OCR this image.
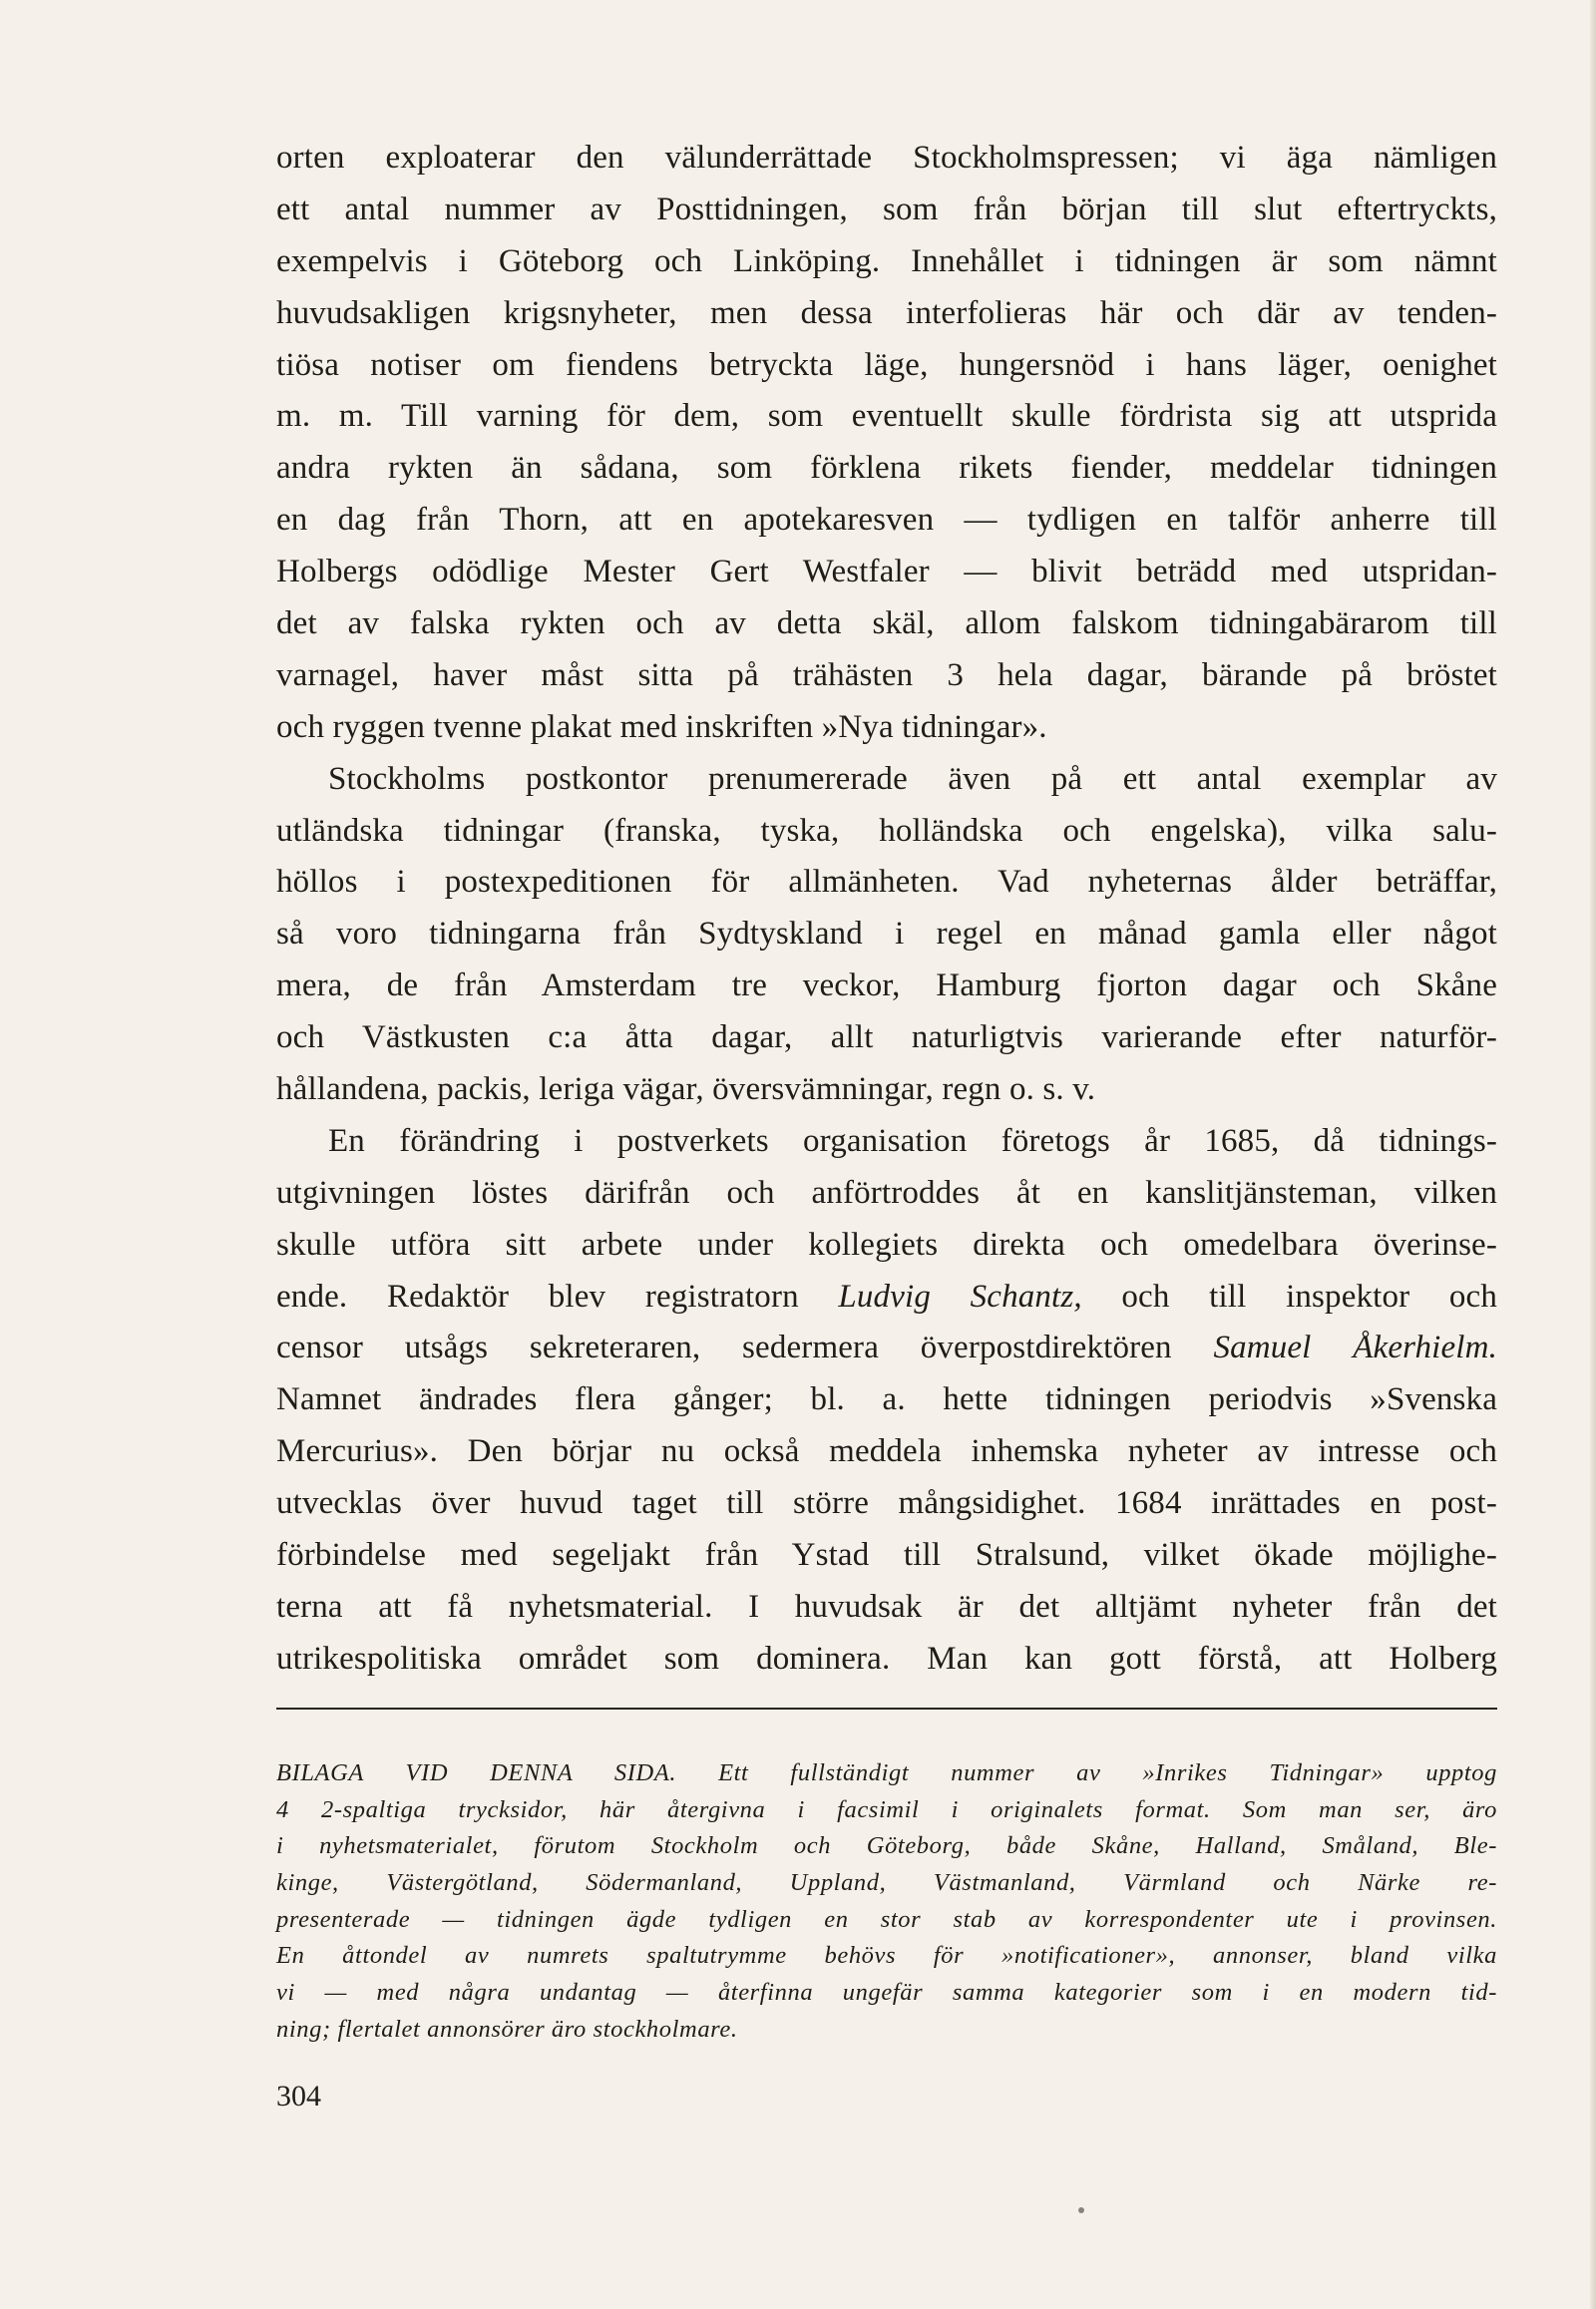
orten exploaterar den välunderrättade Stockholmspressen; vi äga nämligen
ett antal nummer av Posttidningen, som från början till slut eftertryckts,
exempelvis i Göteborg och Linköping. Innehållet i tidningen är som nämnt
huvudsakligen krigsnyheter, men dessa interfolieras här och där av tenden-
tiösa notiser om fiendens betryckta läge, hungersnöd i hans läger, oenighet
m. m. Till varning för dem, som eventuellt skulle fördrista sig att utsprida
andra rykten än sådana, som förklena rikets fiender, meddelar tidningen
en dag från Thorn, att en apotekaresven — tydligen en talför anherre till
Holbergs odödlige Mester Gert Westfaler — blivit beträdd med utspridan-
det av falska rykten och av detta skäl, allom falskom tidningabärarom till
varnagel, haver måst sitta på trähästen 3 hela dagar, bärande på bröstet
och ryggen tvenne plakat med inskriften »Nya tidningar».
Stockholms postkontor prenumererade även på ett antal exemplar av
utländska tidningar (franska, tyska, holländska och engelska), vilka salu-
höllos i postexpeditionen för allmänheten. Vad nyheternas ålder beträffar,
så voro tidningarna från Sydtyskland i regel en månad gamla eller något
mera, de från Amsterdam tre veckor, Hamburg fjorton dagar och Skåne
och Västkusten c:a åtta dagar, allt naturligtvis varierande efter naturför-
hållandena, packis, leriga vägar, översvämningar, regn o. s. v.
En förändring i postverkets organisation företogs år 1685, då tidnings-
utgivningen löstes därifrån och anförtroddes åt en kanslitjänsteman, vilken
skulle utföra sitt arbete under kollegiets direkta och omedelbara överinse-
ende. Redaktör blev registratorn Ludvig Schantz, och till inspektor och
censor utsågs sekreteraren, sedermera överpostdirektören Samuel Åkerhielm.
Namnet ändrades flera gånger; bl. a. hette tidningen periodvis »Svenska
Mercurius». Den börjar nu också meddela inhemska nyheter av intresse och
utvecklas över huvud taget till större mångsidighet. 1684 inrättades en post-
förbindelse med segeljakt från Ystad till Stralsund, vilket ökade möjlighe-
terna att få nyhetsmaterial. I huvudsak är det alltjämt nyheter från det
utrikespolitiska området som dominera. Man kan gott förstå, att Holberg
BILAGA VID DENNA SIDA. Ett fullständigt nummer av »Inrikes Tidningar» upptog
4 2-spaltiga trycksidor, här återgivna i facsimil i originalets format. Som man ser, äro
i nyhetsmaterialet, förutom Stockholm och Göteborg, både Skåne, Halland, Småland, Ble-
kinge, Västergötland, Södermanland, Uppland, Västmanland, Värmland och Närke re-
presenterade — tidningen ägde tydligen en stor stab av korrespondenter ute i provinsen.
En åttondel av numrets spaltutrymme behövs för »notificationer», annonser, bland vilka
vi — med några undantag — återfinna ungefär samma kategorier som i en modern tid-
ning; flertalet annonsörer äro stockholmare.

304
